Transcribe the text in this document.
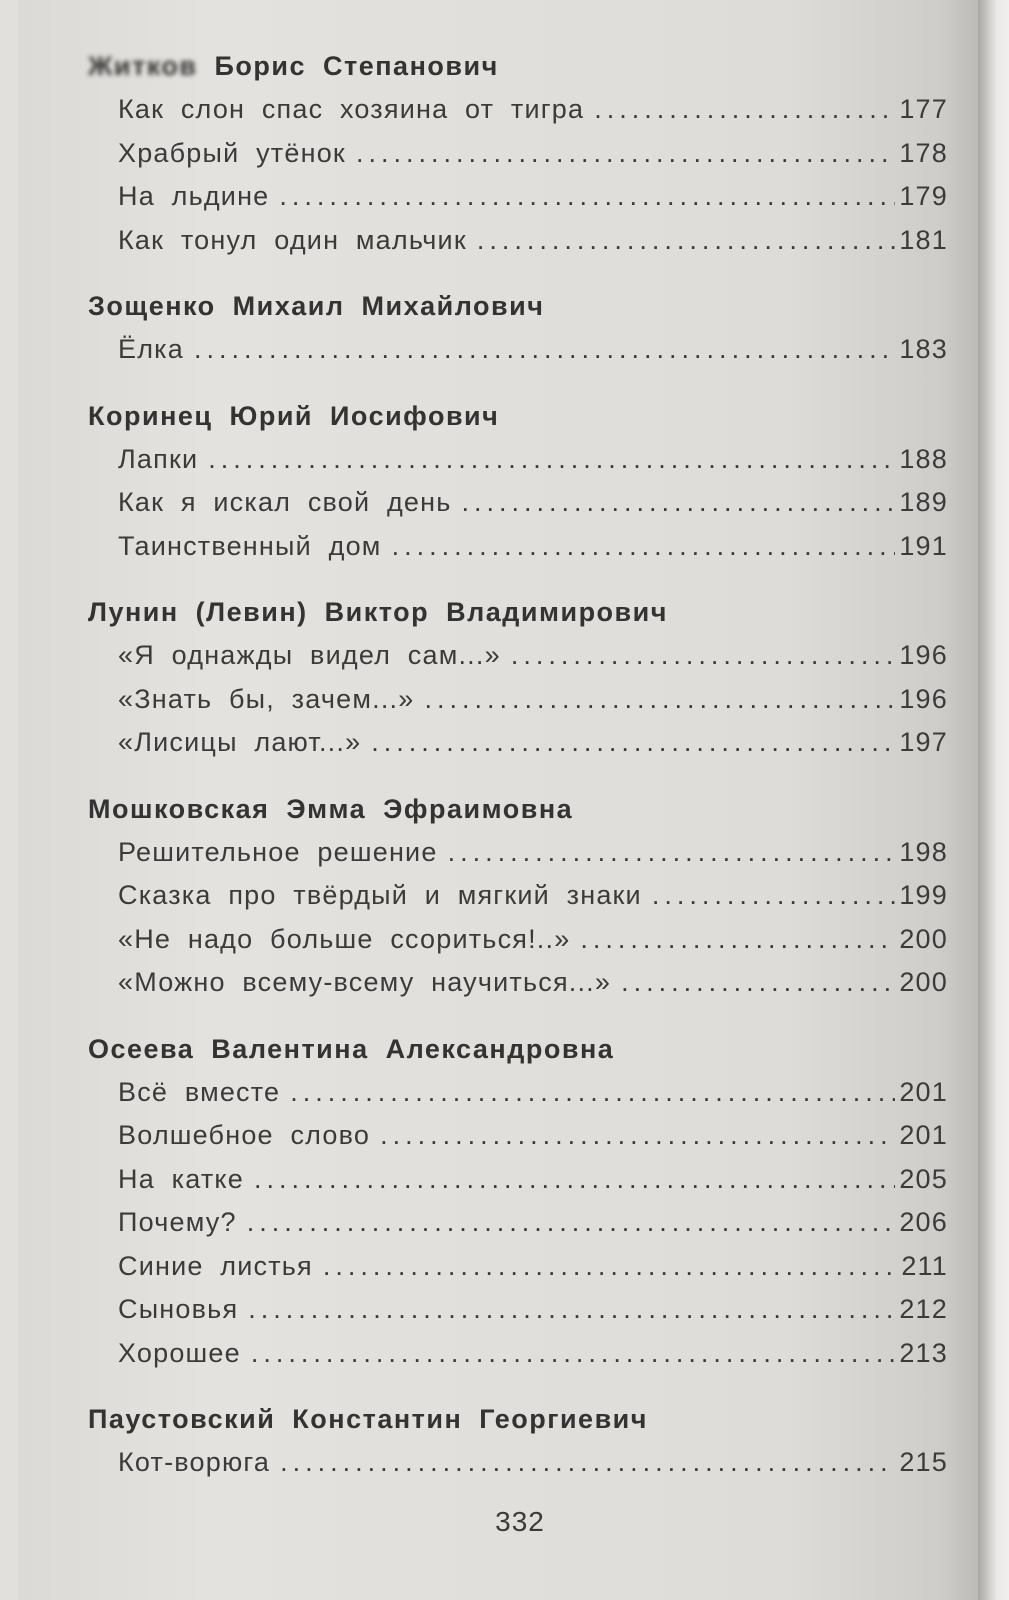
Житков Борис Степанович
Как слон спас хозяина от тигра .....	177
Храбрый утёнок .....	178
На льдине .....	179
Как тонул один мальчик .....	181
Зощенко Михаил Михайлович
Ёлка .....	183
Коринец Юрий Иосифович
Лапки .....	188
Как я искал свой день .....	189
Таинственный дом .....	191
Лунин (Левин) Виктор Владимирович
«Я однажды видел сам...» .....	196
«Знать бы, зачем...» .....	196
«Лисицы лают...» .....	197
Мошковская Эмма Эфраимовна
Решительное решение .....	198
Сказка про твёрдый и мягкий знаки .....	199
«Не надо больше ссориться!..» .....	200
«Можно всему-всему научиться...» .....	200
Осеева Валентина Александровна
Всё вместе .....	201
Волшебное слово .....	201
На катке .....	205
Почему? .....	206
Синие листья .....	211
Сыновья .....	212
Хорошее .....	213
Паустовский Константин Георгиевич
Кот-ворюга .....	215
332
